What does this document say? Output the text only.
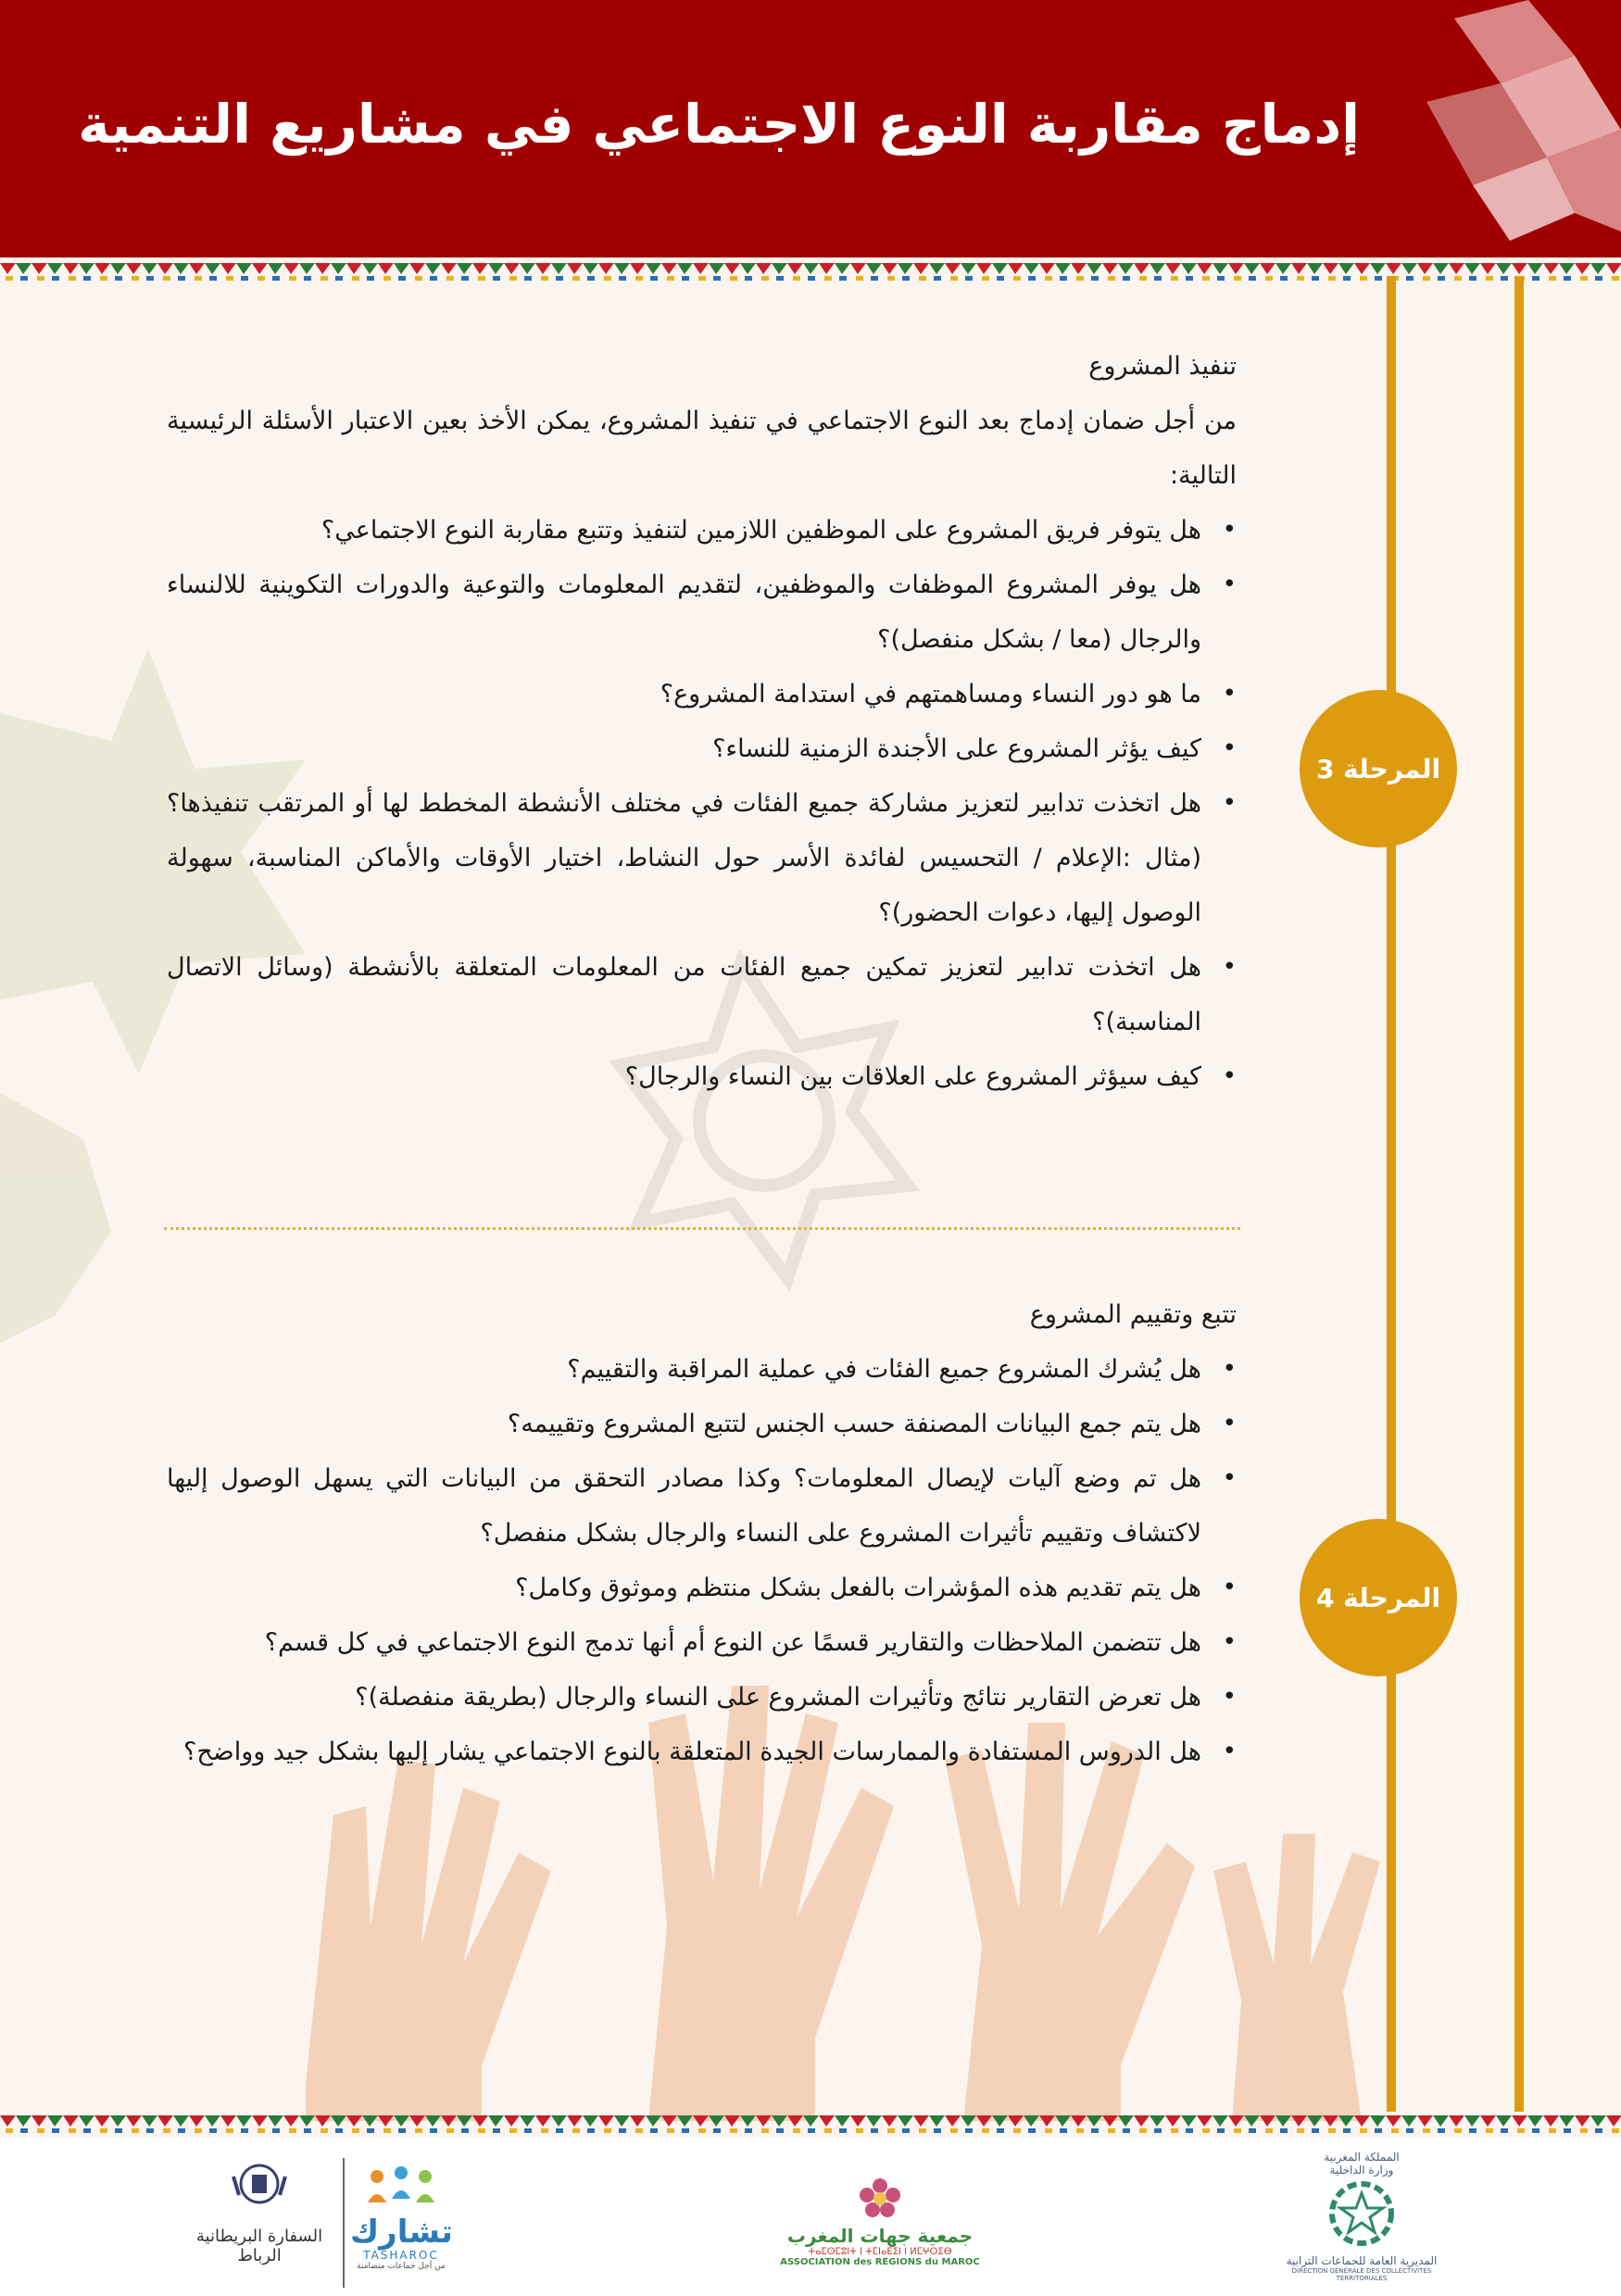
إدماج مقاربة النوع الاجتماعي في مشاريع التنمية
المرحلة 3
المرحلة 4

تنفيذ المشروع

من أجل ضمان إدماج بعد النوع الاجتماعي في تنفيذ المشروع، يمكن الأخذ بعين الاعتبار الأسئلة الرئيسية التالية:

•
هل يتوفر فريق المشروع على الموظفين اللازمين لتنفيذ وتتبع مقاربة النوع الاجتماعي؟
•
هل يوفر المشروع الموظفات والموظفين، لتقديم المعلومات والتوعية والدورات التكوينية للالنساء والرجال (معا / بشكل منفصل)؟
•
ما هو دور النساء ومساهمتهم في استدامة المشروع؟
•
كيف يؤثر المشروع على الأجندة الزمنية للنساء؟
•
هل اتخذت تدابير لتعزيز مشاركة جميع الفئات في مختلف الأنشطة المخطط لها أو المرتقب تنفيذها؟ (مثال :الإعلام / التحسيس لفائدة الأسر حول النشاط، اختيار الأوقات والأماكن المناسبة، سهولة الوصول إليها، دعوات الحضور)؟
•
هل اتخذت تدابير لتعزيز تمكين جميع الفئات من المعلومات المتعلقة بالأنشطة (وسائل الاتصال المناسبة)؟
•
كيف سيؤثر المشروع على العلاقات بين النساء والرجال؟

تتبع وتقييم المشروع

•
هل يُشرك المشروع جميع الفئات في عملية المراقبة والتقييم؟
•
هل يتم جمع البيانات المصنفة حسب الجنس لتتبع المشروع وتقييمه؟
•
هل تم وضع آليات لإيصال المعلومات؟ وكذا مصادر التحقق من البيانات التي يسهل الوصول إليها لاكتشاف وتقييم تأثيرات المشروع على النساء والرجال بشكل منفصل؟
•
هل يتم تقديم هذه المؤشرات بالفعل بشكل منتظم وموثوق وكامل؟
•
هل تتضمن الملاحظات والتقارير قسمًا عن النوع أم أنها تدمج النوع الاجتماعي في كل قسم؟
•
هل تعرض التقارير نتائج وتأثيرات المشروع على النساء والرجال (بطريقة منفصلة)؟
•
هل الدروس المستفادة والممارسات الجيدة المتعلقة بالنوع الاجتماعي يشار إليها بشكل جيد وواضح؟
السفارة البريطانية
الرباط
تشارك
TASHAROC
من أجل جماعات متضامنة
جمعية جهات المغرب
ⵜⴰⵎⵙⵎⵓⵏⵜ ⵏ ⵜⵎⵏⴰⴹⵉⵏ ⵏ ⵍⵎⵖⵔⵉⴱ
ASSOCIATION des REGIONS du MAROC
المملكة المغربية
وزارة الداخلية
المديرية العامة للجماعات الترابية
DIRECTION GÉNÉRALE DES COLLECTIVITÉS TERRITORIALES
